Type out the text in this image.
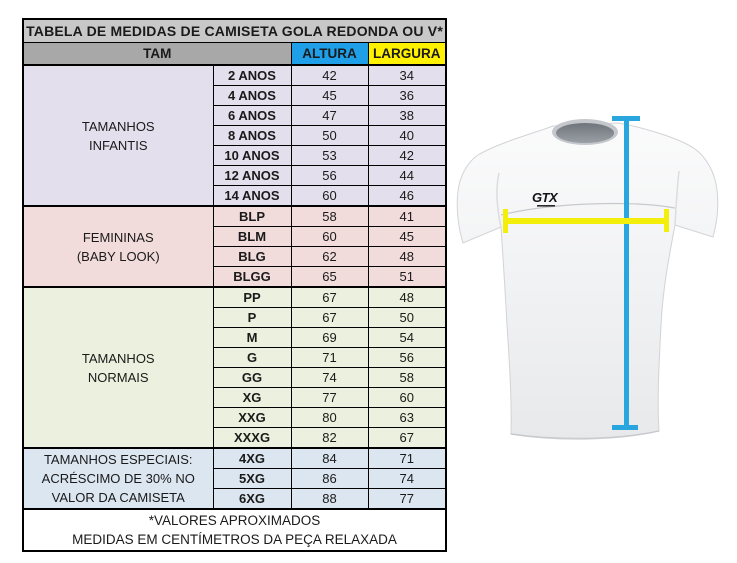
TABELA DE MEDIDAS DE CAMISETA GOLA REDONDA OU V*			
TAM		ALTURA	LARGURA

TAMANHOS
INFANTIS	2 ANOS	42	34
	4 ANOS	45	36
	6 ANOS	47	38
	8 ANOS	50	40
	10 ANOS	53	42
	12 ANOS	56	44
	14 ANOS	60	46

FEMININAS
(BABY LOOK)	BLP	58	41
	BLM	60	45
	BLG	62	48
	BLGG	65	51

TAMANHOS
NORMAIS	PP	67	48
	P	67	50
	M	69	54
	G	71	56
	GG	74	58
	XG	77	60
	XXG	80	63
	XXXG	82	67

TAMANHOS ESPECIAIS:
ACRÉSCIMO DE 30% NO
VALOR DA CAMISETA	4XG	84	71
	5XG	86	74
	6XG	88	77

*VALORES APROXIMADOS
MEDIDAS EM CENTÍMETROS DA PEÇA RELAXADA			
GTX
